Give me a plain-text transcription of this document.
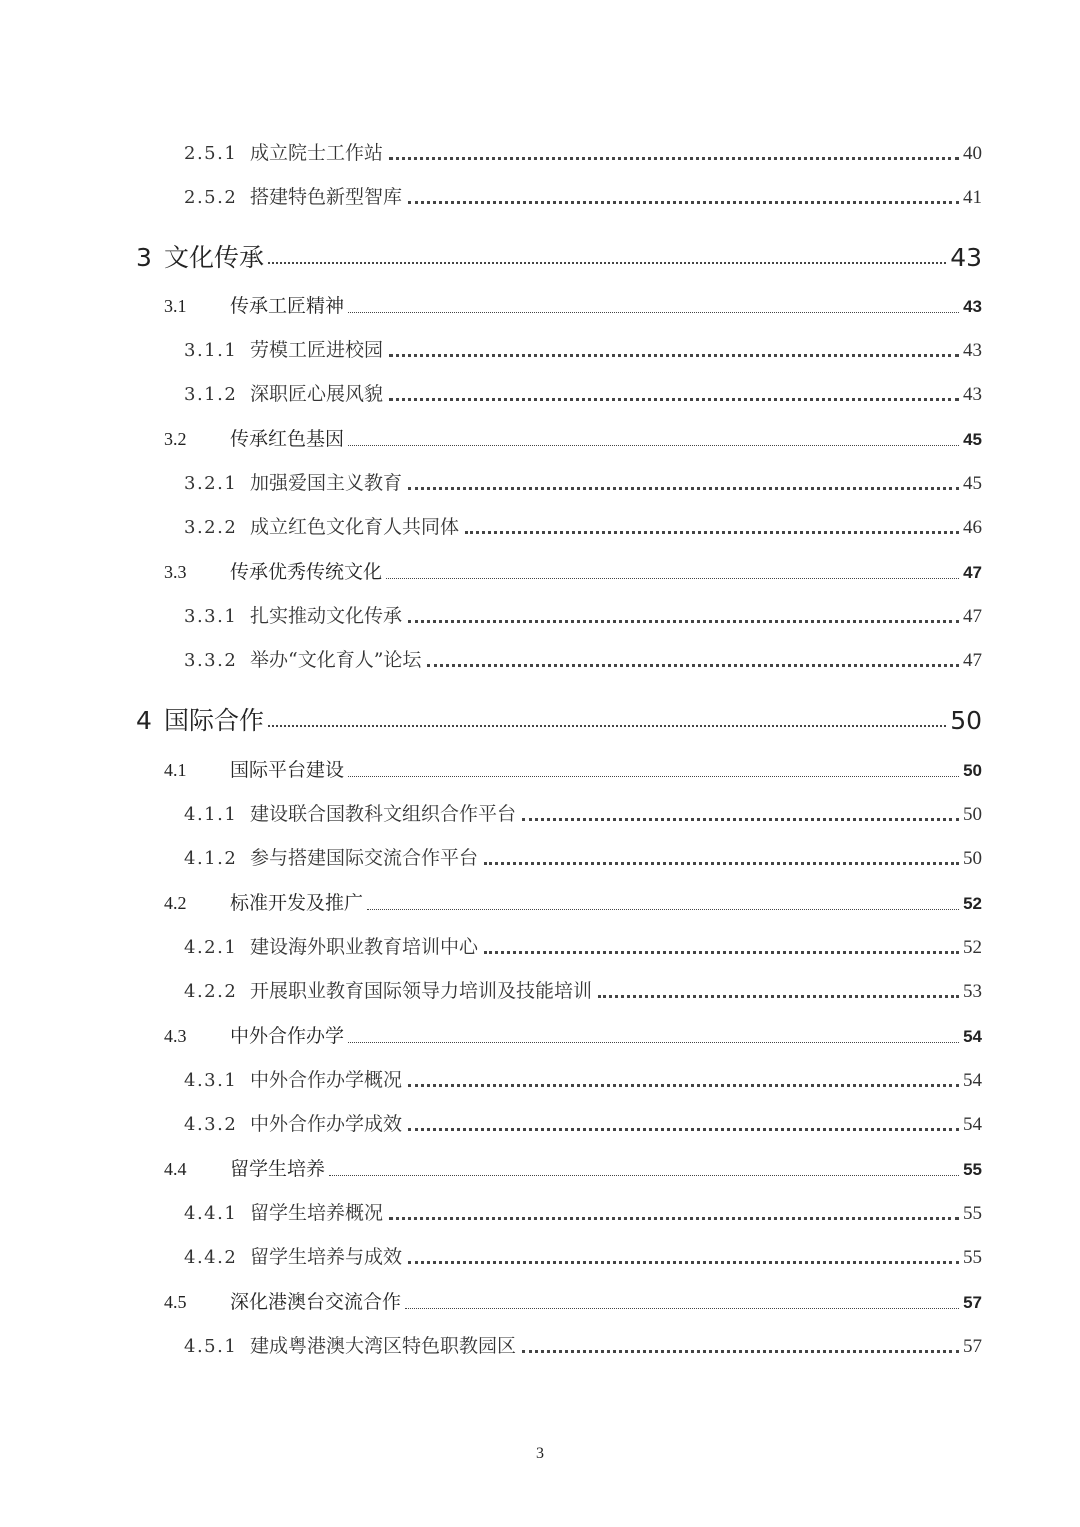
2.5.1 成立院士工作站	40
2.5.2 搭建特色新型智库	41
3 文化传承	43
3.1	传承工匠精神	43
3.1.1 劳模工匠进校园	43
3.1.2 深职匠心展风貌	43
3.2	传承红色基因	45
3.2.1 加强爱国主义教育	45
3.2.2 成立红色文化育人共同体	46
3.3	传承优秀传统文化	47
3.3.1 扎实推动文化传承	47
3.3.2 举办“文化育人”论坛	47
4 国际合作	50
4.1	国际平台建设	50
4.1.1 建设联合国教科文组织合作平台	50
4.1.2 参与搭建国际交流合作平台	50
4.2	标准开发及推广	52
4.2.1 建设海外职业教育培训中心	52
4.2.2 开展职业教育国际领导力培训及技能培训	53
4.3	中外合作办学	54
4.3.1 中外合作办学概况	54
4.3.2 中外合作办学成效	54
4.4	留学生培养	55
4.4.1 留学生培养概况	55
4.4.2 留学生培养与成效	55
4.5	深化港澳台交流合作	57
4.5.1 建成粤港澳大湾区特色职教园区	57
3
